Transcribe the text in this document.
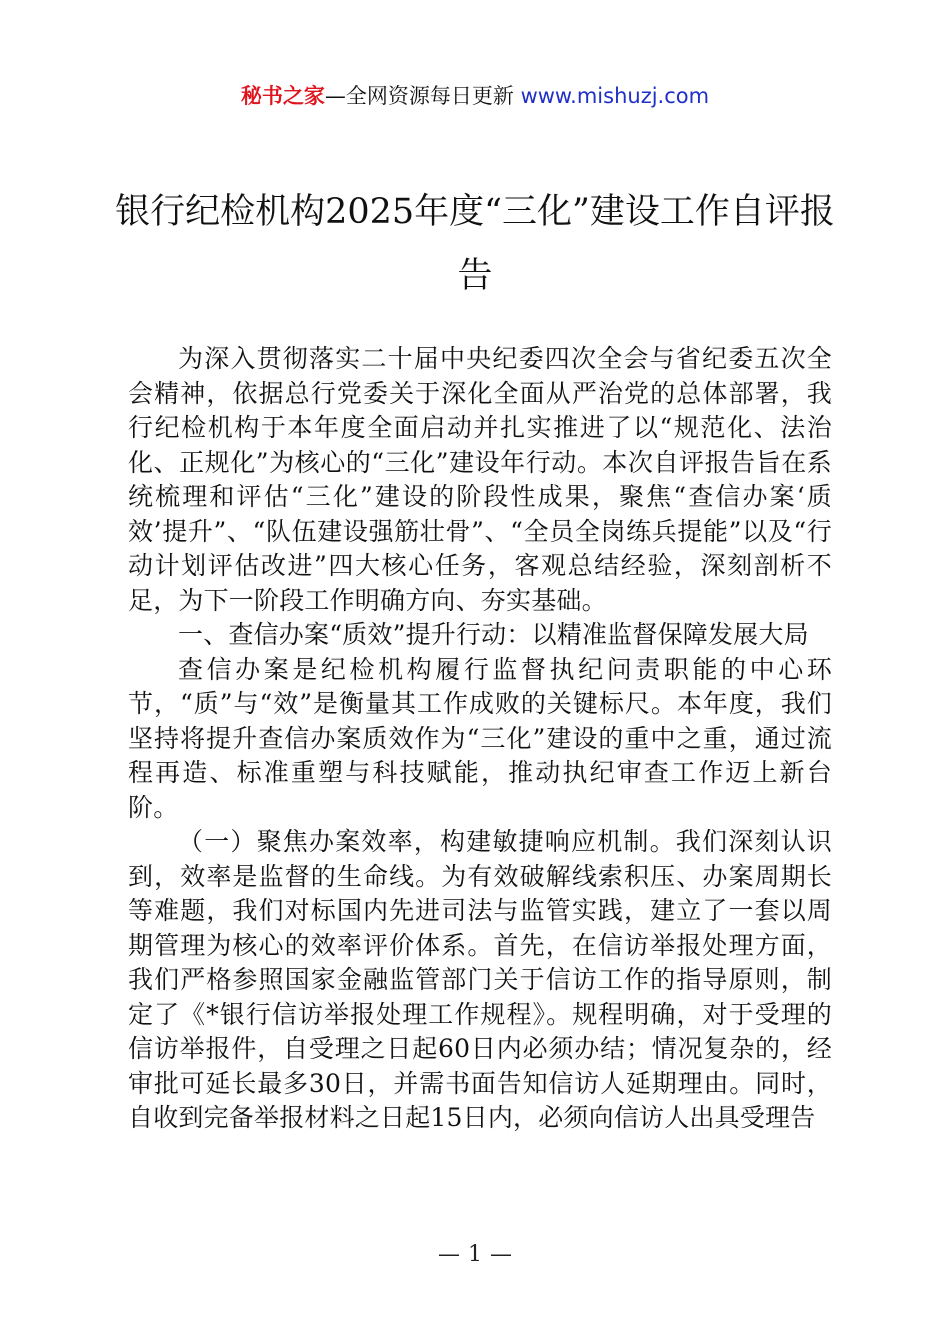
秘书之家—全网资源每日更新 www.mishuzj.com
银行纪检机构2025年度“三化”建设工作自评报告

为深入贯彻落实二十届中央纪委四次全会与省纪委五次全会精神，依据总行党委关于深化全面从严治党的总体部署，我行纪检机构于本年度全面启动并扎实推进了以“规范化、法治化、正规化”为核心的“三化”建设年行动。本次自评报告旨在系统梳理和评估“三化”建设的阶段性成果，聚焦“查信办案‘质效’提升”、“队伍建设强筋壮骨”、“全员全岗练兵提能”以及“行动计划评估改进”四大核心任务，客观总结经验，深刻剖析不足，为下一阶段工作明确方向、夯实基础。

一、查信办案“质效”提升行动：以精准监督保障发展大局

查信办案是纪检机构履行监督执纪问责职能的中心环节，“质”与“效”是衡量其工作成败的关键标尺。本年度，我们坚持将提升查信办案质效作为“三化”建设的重中之重，通过流程再造、标准重塑与科技赋能，推动执纪审查工作迈上新台阶。

（一）聚焦办案效率，构建敏捷响应机制。我们深刻认识到，效率是监督的生命线。为有效破解线索积压、办案周期长等难题，我们对标国内先进司法与监管实践，建立了一套以周期管理为核心的效率评价体系。首先，在信访举报处理方面，我们严格参照国家金融监管部门关于信访工作的指导原则，制定了《*银行信访举报处理工作规程》。规程明确，对于受理的信访举报件，自受理之日起60日内必须办结；情况复杂的，经审批可延长最多30日，并需书面告知信访人延期理由。同时，自收到完备举报材料之日起15日内，必须向信访人出具受理告

— 1 —
